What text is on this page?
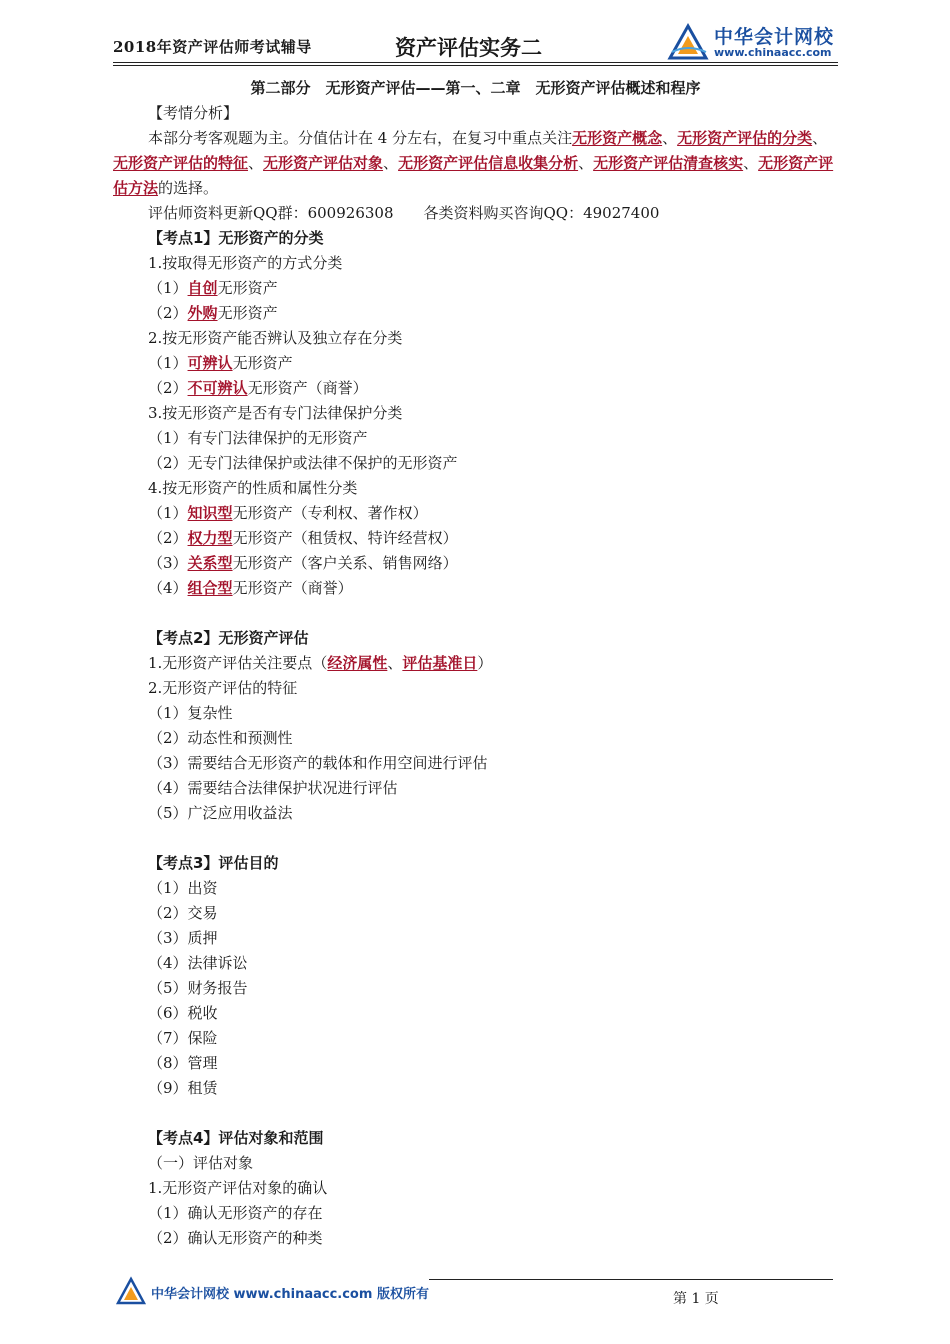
2018年资产评估师考试辅导	资产评估实务二	中华会计网校
www.chinaacc.com
第二部分　无形资产评估——第一、二章　无形资产评估概述和程序
【考情分析】
本部分考客观题为主。分值估计在 4 分左右，在复习中重点关注无形资产概念、无形资产评估的分类、无形资产评估的特征、无形资产评估对象、无形资产评估信息收集分析、无形资产评估清查核实、无形资产评估方法的选择。
评估师资料更新QQ群：600926308　　各类资料购买咨询QQ：49027400
【考点1】无形资产的分类
1.按取得无形资产的方式分类
（1）自创无形资产
（2）外购无形资产
2.按无形资产能否辨认及独立存在分类
（1）可辨认无形资产
（2）不可辨认无形资产（商誉）
3.按无形资产是否有专门法律保护分类
（1）有专门法律保护的无形资产
（2）无专门法律保护或法律不保护的无形资产
4.按无形资产的性质和属性分类
（1）知识型无形资产（专利权、著作权）
（2）权力型无形资产（租赁权、特许经营权）
（3）关系型无形资产（客户关系、销售网络）
（4）组合型无形资产（商誉）
【考点2】无形资产评估
1.无形资产评估关注要点（经济属性、评估基准日）
2.无形资产评估的特征
（1）复杂性
（2）动态性和预测性
（3）需要结合无形资产的载体和作用空间进行评估
（4）需要结合法律保护状况进行评估
（5）广泛应用收益法
【考点3】评估目的
（1）出资
（2）交易
（3）质押
（4）法律诉讼
（5）财务报告
（6）税收
（7）保险
（8）管理
（9）租赁
【考点4】评估对象和范围
（一）评估对象
1.无形资产评估对象的确认
（1）确认无形资产的存在
（2）确认无形资产的种类
中华会计网校 www.chinaacc.com 版权所有	第 1 页
